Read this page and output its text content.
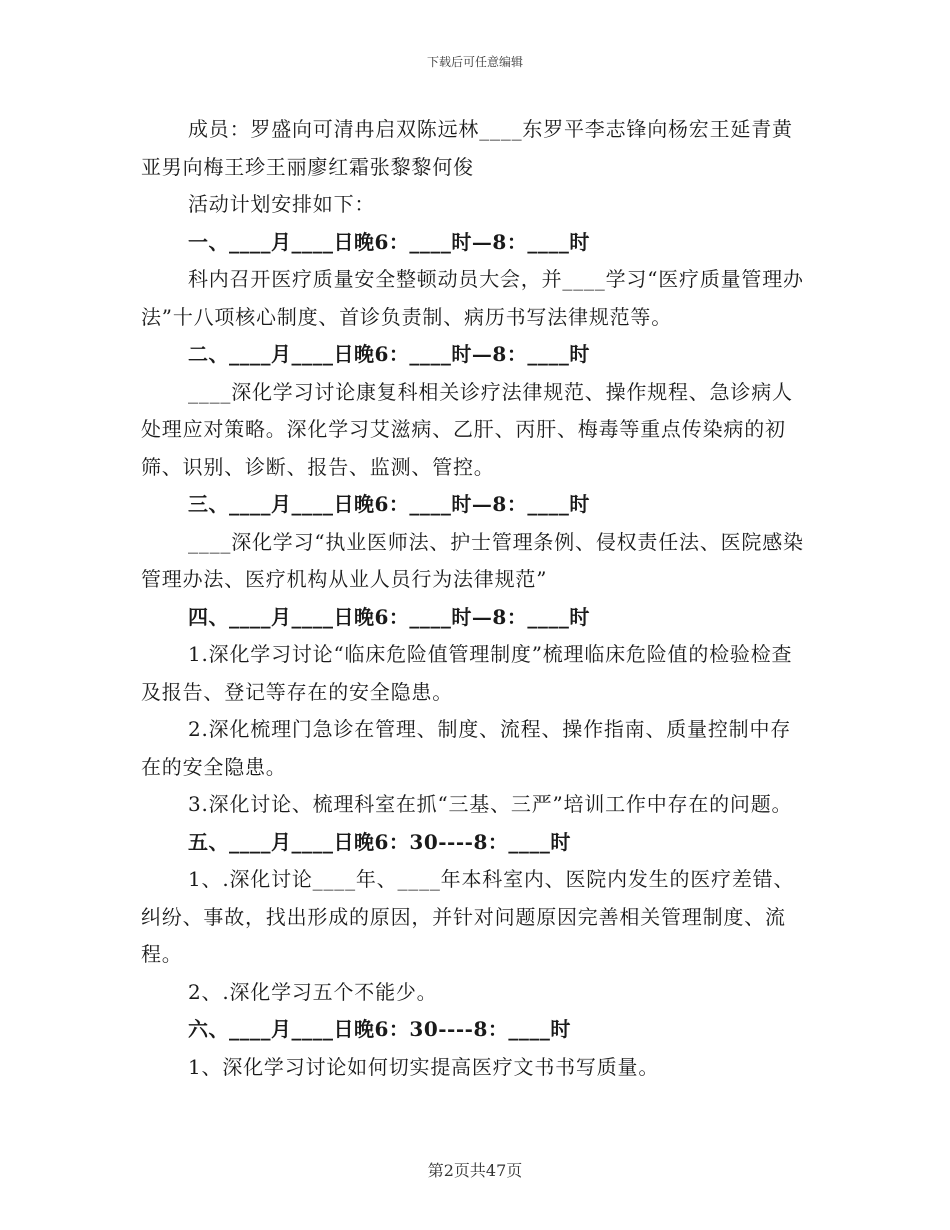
下载后可任意编辑

成员：罗盛向可清冉启双陈远林____东罗平李志锋向杨宏王延青黄亚男向梅王珍王丽廖红霜张黎黎何俊

活动计划安排如下：

一、____月____日晚6：____时—8：____时

科内召开医疗质量安全整顿动员大会，并____学习“医疗质量管理办法”十八项核心制度、首诊负责制、病历书写法律规范等。

二、____月____日晚6：____时—8：____时

____深化学习讨论康复科相关诊疗法律规范、操作规程、急诊病人处理应对策略。深化学习艾滋病、乙肝、丙肝、梅毒等重点传染病的初筛、识别、诊断、报告、监测、管控。

三、____月____日晚6：____时—8：____时

____深化学习“执业医师法、护士管理条例、侵权责任法、医院感染管理办法、医疗机构从业人员行为法律规范”

四、____月____日晚6：____时—8：____时

1.深化学习讨论“临床危险值管理制度”梳理临床危险值的检验检查及报告、登记等存在的安全隐患。

2.深化梳理门急诊在管理、制度、流程、操作指南、质量控制中存在的安全隐患。

3.深化讨论、梳理科室在抓“三基、三严”培训工作中存在的问题。

五、____月____日晚6：30----8：____时

1、.深化讨论____年、____年本科室内、医院内发生的医疗差错、纠纷、事故，找出形成的原因，并针对问题原因完善相关管理制度、流程。

2、.深化学习五个不能少。

六、____月____日晚6：30----8：____时

1、深化学习讨论如何切实提高医疗文书书写质量。

第2页共47页
